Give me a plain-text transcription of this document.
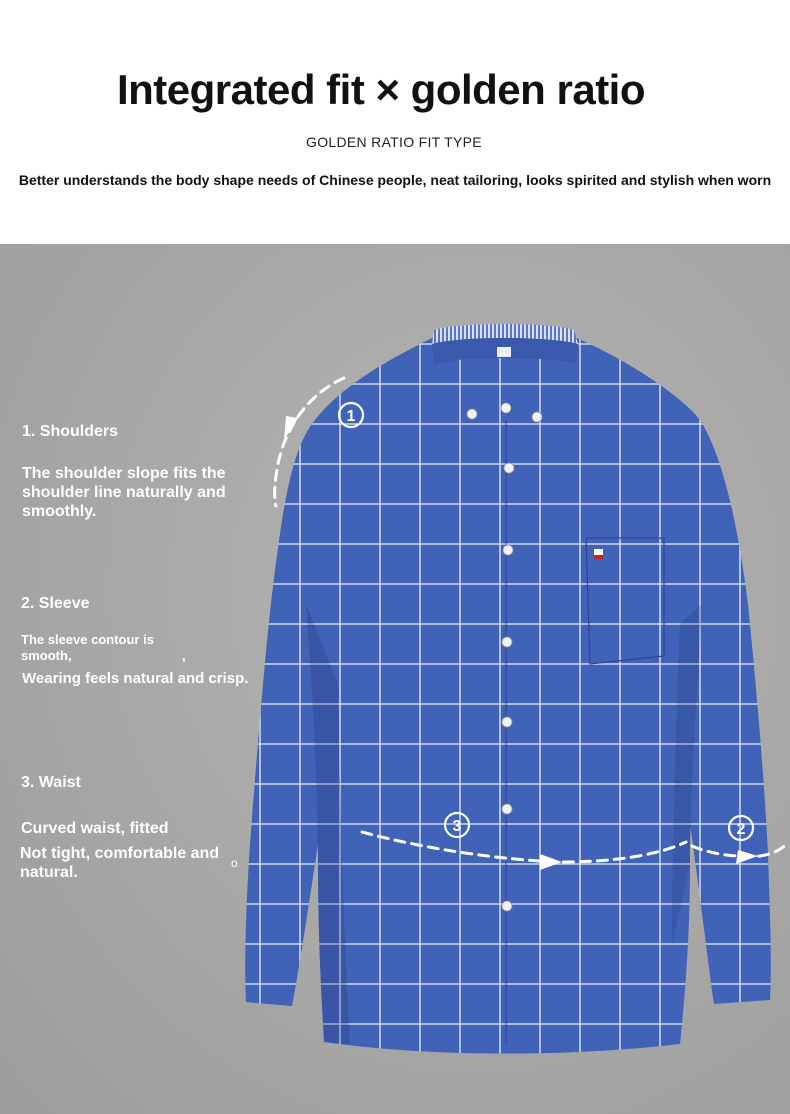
Integrated fit × golden ratio
GOLDEN RATIO FIT TYPE
Better understands the body shape needs of Chinese people, neat tailoring, looks spirited and stylish when worn
1
3	2
1. Shoulders
The shoulder slope fits the
shoulder line naturally and
smoothly.
2. Sleeve
The sleeve contour is
smooth,	,
Wearing feels natural and crisp.
3. Waist
Curved waist, fitted
Not tight, comfortable and
natural.
o
